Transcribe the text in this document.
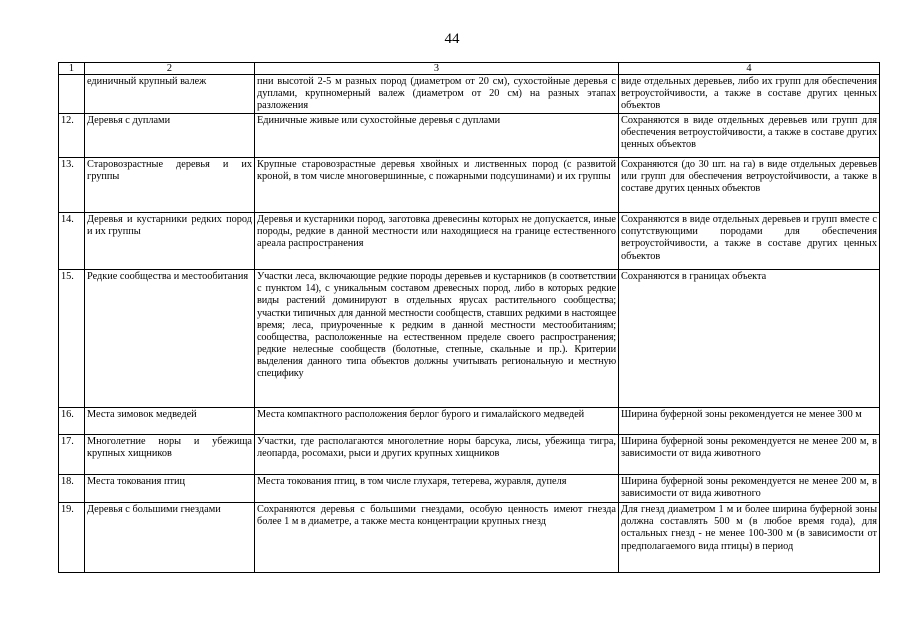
44
1	2	3	4
	единичный крупный валеж	пни высотой 2-5 м разных пород (диаметром от 20 см), сухостойные деревья с дуплами, крупномерный валеж (диаметром от 20 см) на разных этапах разложения	виде отдельных деревьев, либо их групп для обеспечения ветроустойчивости, а также в составе других ценных объектов
12.	Деревья с дуплами	Единичные живые или сухостойные деревья с дуплами	Сохраняются в виде отдельных деревьев или групп для обеспечения ветроустойчивости, а также в составе других ценных объектов
13.	Старовозрастные деревья и их группы	Крупные старовозрастные деревья хвойных и лиственных пород (с развитой кроной, в том числе многовершинные, с пожарными подсушинами) и их группы	Сохраняются (до 30 шт. на га) в виде отдельных деревьев или групп для обеспечения ветроустойчивости, а также в составе других ценных объектов
14.	Деревья и кустарники редких пород и их группы	Деревья и кустарники пород, заготовка древесины которых не допускается, иные породы, редкие в данной местности или находящиеся на границе естественного ареала распространения	Сохраняются в виде отдельных деревьев и групп вместе с сопутствующими породами для обеспечения ветроустойчивости, а также в составе других ценных объектов
15.	Редкие сообщества и местообитания	Участки леса, включающие редкие породы деревьев и кустарников (в соответствии с пунктом 14), с уникальным составом древесных пород, либо в которых редкие виды растений доминируют в отдельных ярусах растительного сообщества; участки типичных для данной местности сообществ, ставших редкими в настоящее время; леса, приуроченные к редким в данной местности местообитаниям; сообщества, расположенные на естественном пределе своего распространения; редкие нелесные сообществ (болотные, степные, скальные и пр.). Критерии выделения данного типа объектов должны учитывать региональную и местную специфику	Сохраняются в границах объекта
16.	Места зимовок медведей	Места компактного расположения берлог бурого и гималайского медведей	Ширина буферной зоны рекомендуется не менее 300 м
17.	Многолетние норы и убежища крупных хищников	Участки, где располагаются многолетние норы барсука, лисы, убежища тигра, леопарда, росомахи, рыси и других крупных хищников	Ширина буферной зоны рекомендуется не менее 200 м, в зависимости от вида животного
18.	Места токования птиц	Места токования птиц, в том числе глухаря, тетерева, журавля, дупеля	Ширина буферной зоны рекомендуется не менее 200 м, в зависимости от вида животного
19.	Деревья с большими гнездами	Сохраняются деревья с большими гнездами, особую ценность имеют гнезда более 1 м в диаметре, а также места концентрации крупных гнезд	Для гнезд диаметром 1 м и более ширина буферной зоны должна составлять 500 м (в любое время года), для остальных гнезд - не менее 100-300 м (в зависимости от предполагаемого вида птицы) в период
